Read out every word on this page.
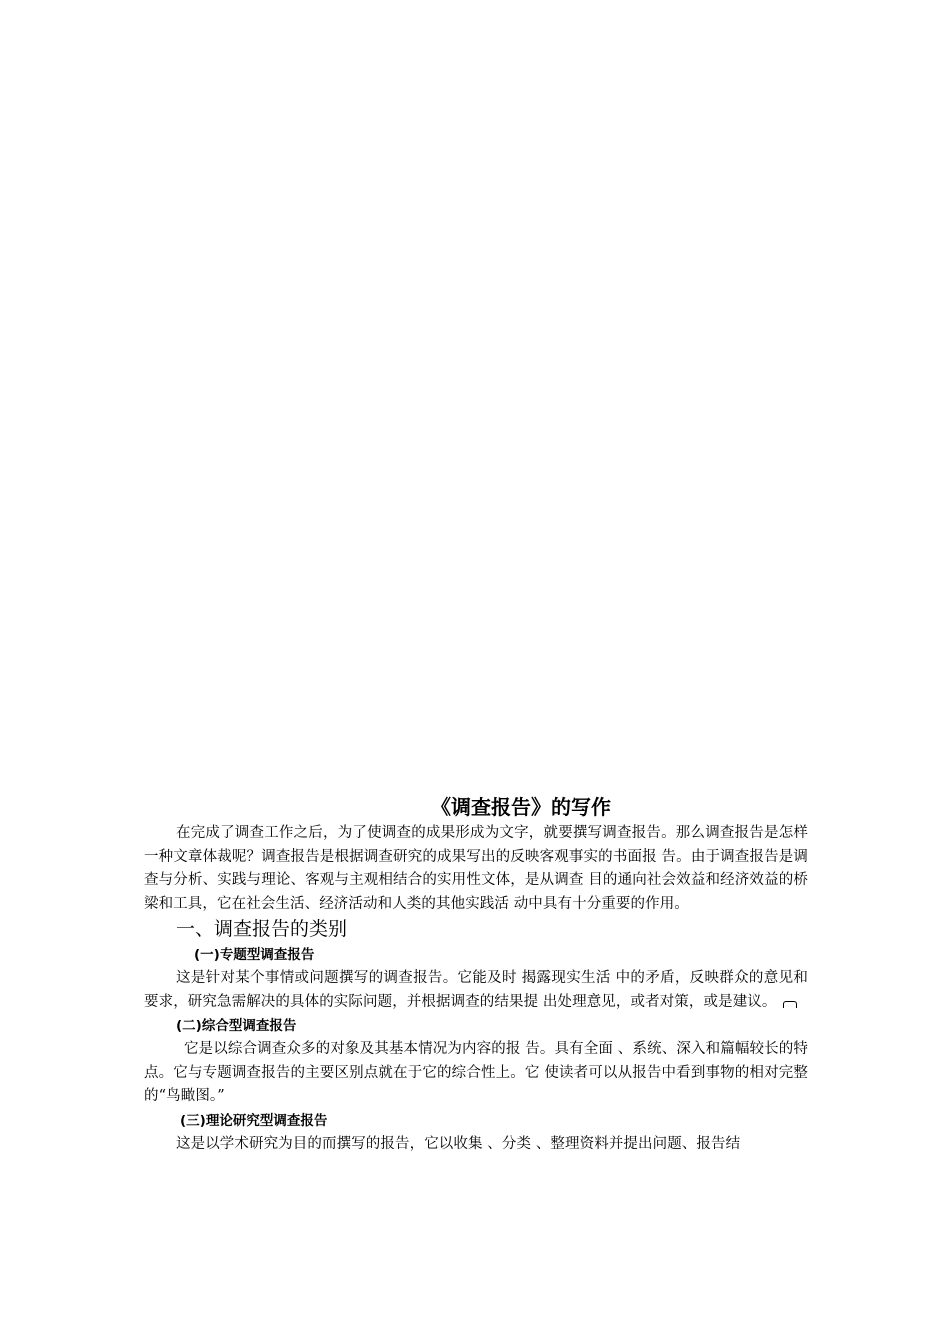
《调查报告》的写作

在完成了调查工作之后，为了使调查的成果形成为文字，就要撰写调查报告。那么调查报告是怎样一种文章体裁呢？调查报告是根据调查研究的成果写出的反映客观事实的书面报 告。由于调查报告是调查与分析、实践与理论、客观与主观相结合的实用性文体，是从调查 目的通向社会效益和经济效益的桥梁和工具，它在社会生活、经济活动和人类的其他实践活 动中具有十分重要的作用。

一、调查报告的类别
(一)专题型调查报告

这是针对某个事情或问题撰写的调查报告。它能及时 揭露现实生活 中的矛盾，反映群众的意见和要求，研究急需解决的具体的实际问题，并根据调查的结果提 出处理意见，或者对策，或是建议。

(二)综合型调查报告

它是以综合调查众多的对象及其基本情况为内容的报 告。具有全面 、系统、深入和篇幅较长的特点。它与专题调查报告的主要区别点就在于它的综合性上。它 使读者可以从报告中看到事物的相对完整的“鸟瞰图。”

(三)理论研究型调查报告

这是以学术研究为目的而撰写的报告，它以收集 、分类 、整理资料并提出问题、报告结
